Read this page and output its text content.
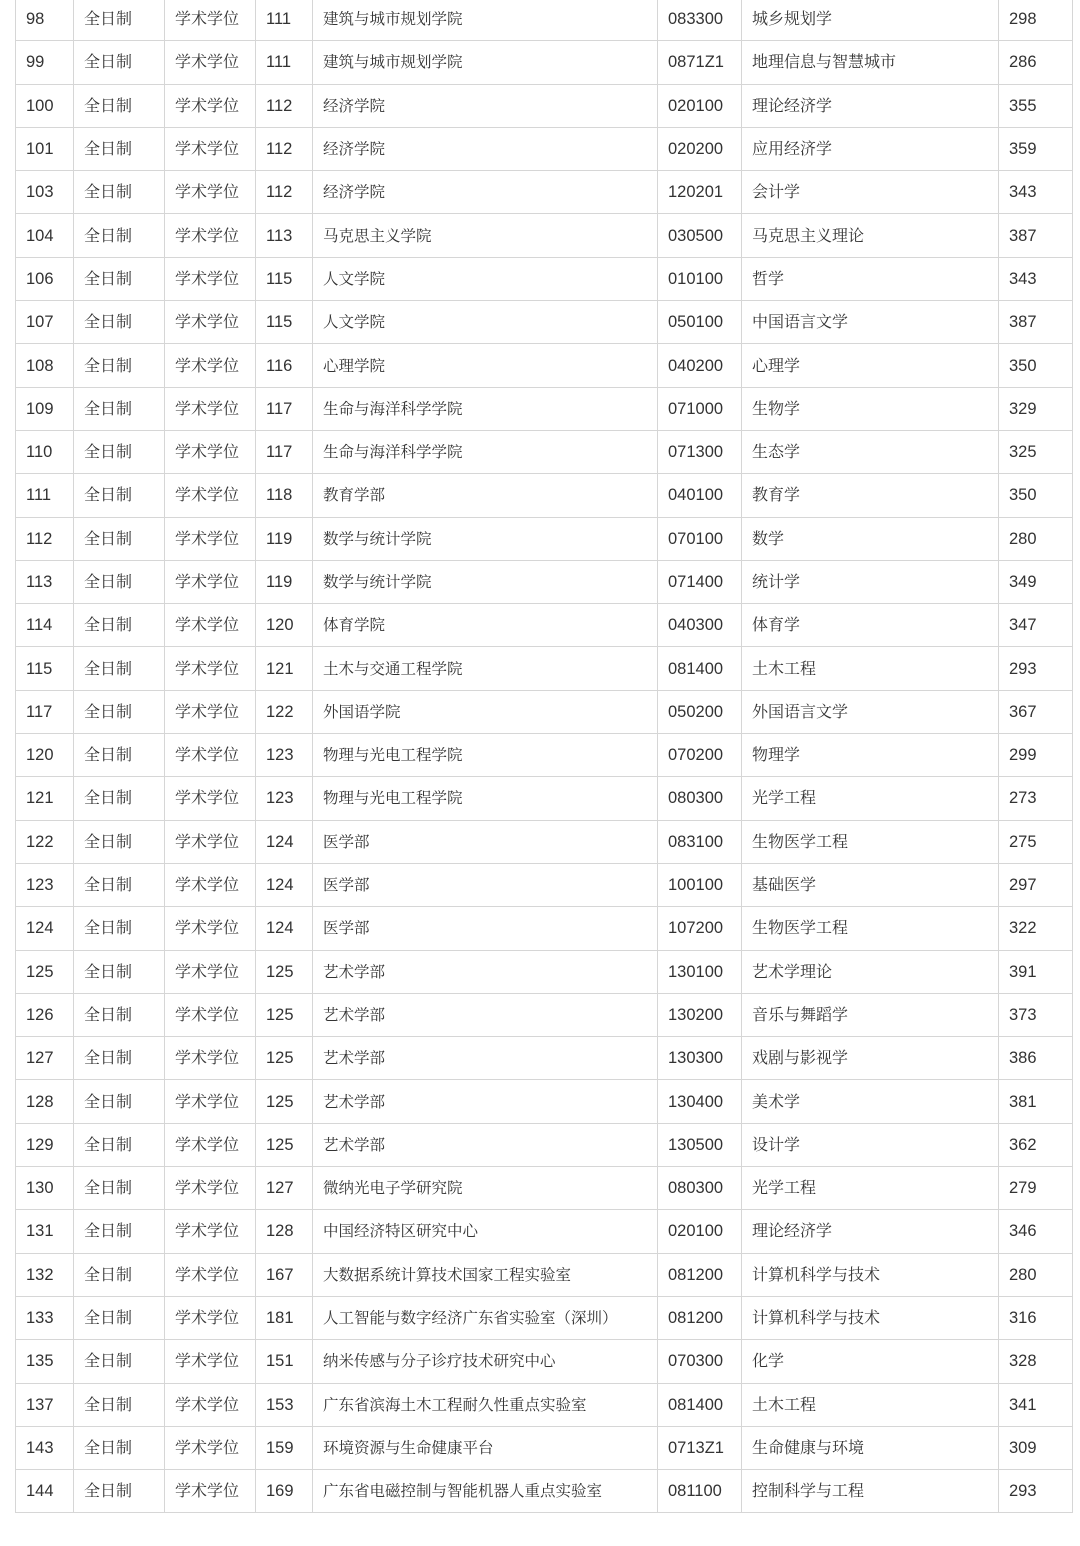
98	全日制	学术学位	111	建筑与城市规划学院	083300	城乡规划学	298
99	全日制	学术学位	111	建筑与城市规划学院	0871Z1	地理信息与智慧城市	286
100	全日制	学术学位	112	经济学院	020100	理论经济学	355
101	全日制	学术学位	112	经济学院	020200	应用经济学	359
103	全日制	学术学位	112	经济学院	120201	会计学	343
104	全日制	学术学位	113	马克思主义学院	030500	马克思主义理论	387
106	全日制	学术学位	115	人文学院	010100	哲学	343
107	全日制	学术学位	115	人文学院	050100	中国语言文学	387
108	全日制	学术学位	116	心理学院	040200	心理学	350
109	全日制	学术学位	117	生命与海洋科学学院	071000	生物学	329
110	全日制	学术学位	117	生命与海洋科学学院	071300	生态学	325
111	全日制	学术学位	118	教育学部	040100	教育学	350
112	全日制	学术学位	119	数学与统计学院	070100	数学	280
113	全日制	学术学位	119	数学与统计学院	071400	统计学	349
114	全日制	学术学位	120	体育学院	040300	体育学	347
115	全日制	学术学位	121	土木与交通工程学院	081400	土木工程	293
117	全日制	学术学位	122	外国语学院	050200	外国语言文学	367
120	全日制	学术学位	123	物理与光电工程学院	070200	物理学	299
121	全日制	学术学位	123	物理与光电工程学院	080300	光学工程	273
122	全日制	学术学位	124	医学部	083100	生物医学工程	275
123	全日制	学术学位	124	医学部	100100	基础医学	297
124	全日制	学术学位	124	医学部	107200	生物医学工程	322
125	全日制	学术学位	125	艺术学部	130100	艺术学理论	391
126	全日制	学术学位	125	艺术学部	130200	音乐与舞蹈学	373
127	全日制	学术学位	125	艺术学部	130300	戏剧与影视学	386
128	全日制	学术学位	125	艺术学部	130400	美术学	381
129	全日制	学术学位	125	艺术学部	130500	设计学	362
130	全日制	学术学位	127	微纳光电子学研究院	080300	光学工程	279
131	全日制	学术学位	128	中国经济特区研究中心	020100	理论经济学	346
132	全日制	学术学位	167	大数据系统计算技术国家工程实验室	081200	计算机科学与技术	280
133	全日制	学术学位	181	人工智能与数字经济广东省实验室（深圳）	081200	计算机科学与技术	316
135	全日制	学术学位	151	纳米传感与分子诊疗技术研究中心	070300	化学	328
137	全日制	学术学位	153	广东省滨海土木工程耐久性重点实验室	081400	土木工程	341
143	全日制	学术学位	159	环境资源与生命健康平台	0713Z1	生命健康与环境	309
144	全日制	学术学位	169	广东省电磁控制与智能机器人重点实验室	081100	控制科学与工程	293
